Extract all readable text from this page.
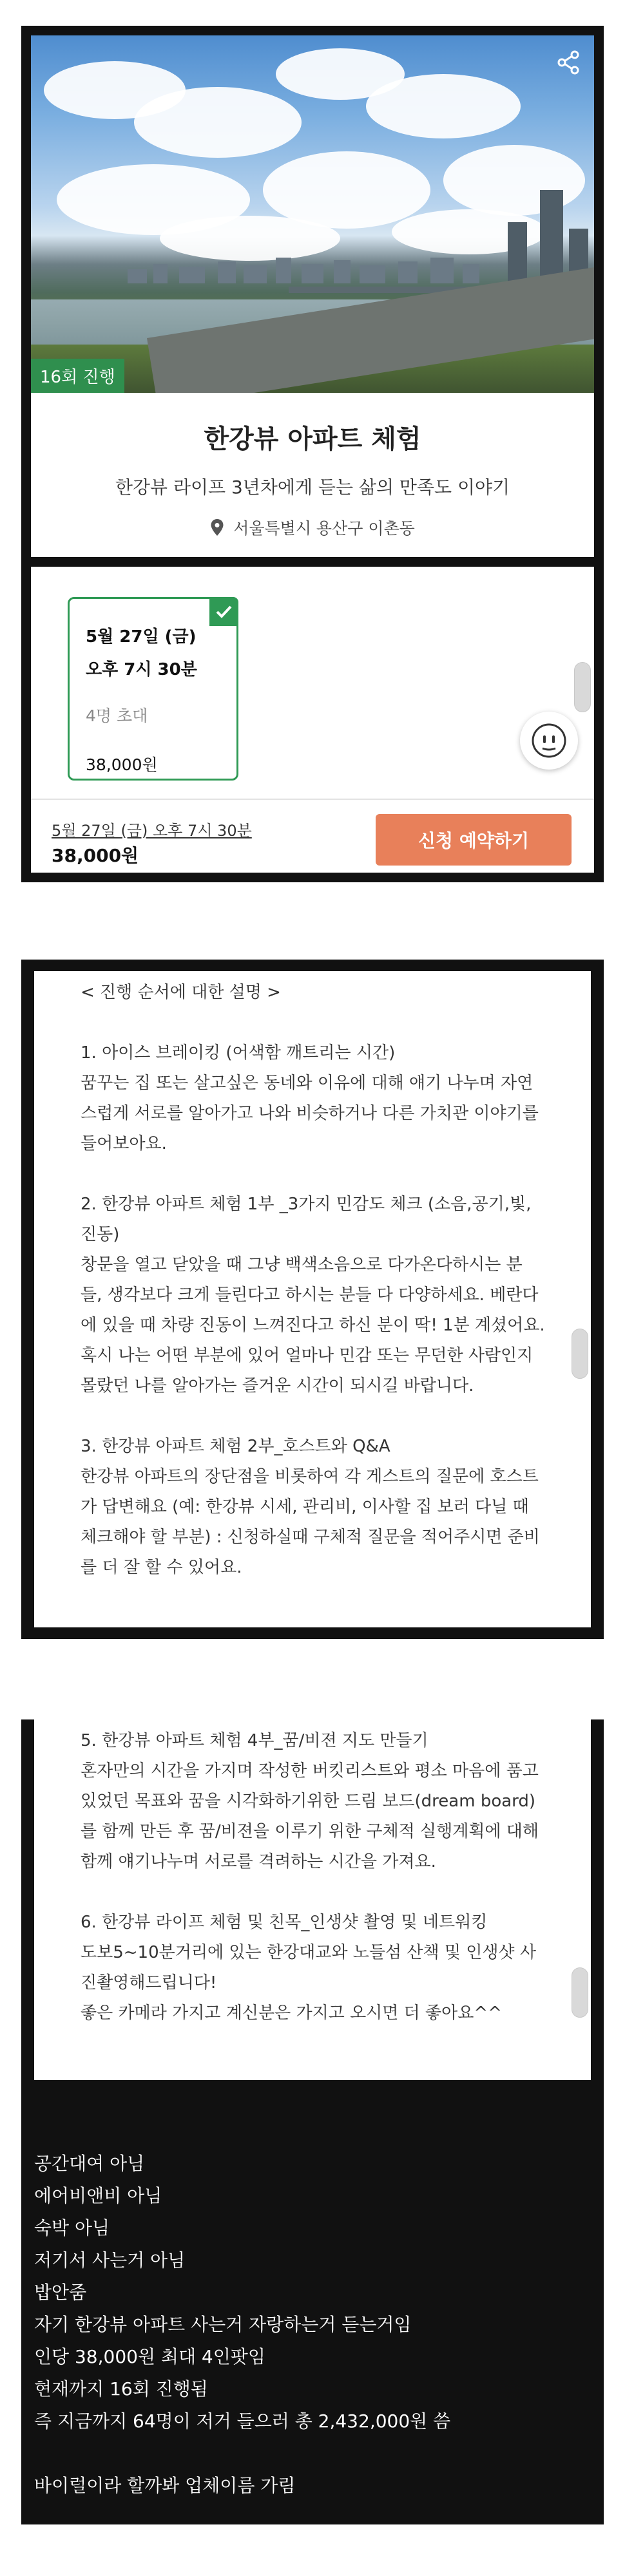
16회 진행
한강뷰 아파트 체험
한강뷰 라이프 3년차에게 듣는 삶의 만족도 이야기
서울특별시 용산구 이촌동
5월 27일 (금)
오후 7시 30분
4명 초대
38,000원
5월 27일 (금) 오후 7시 30분
38,000원
신청 예약하기
< 진행 순서에 대한 설명 >

1. 아이스 브레이킹 (어색함 깨트리는 시간)
꿈꾸는 집 또는 살고싶은 동네와 이유에 대해 얘기 나누며 자연
스럽게 서로를 알아가고 나와 비슷하거나 다른 가치관 이야기를
들어보아요.

2. 한강뷰 아파트 체험 1부 _3가지 민감도 체크 (소음,공기,빛,
진동)
창문을 열고 닫았을 때 그냥 백색소음으로 다가온다하시는 분
들, 생각보다 크게 들린다고 하시는 분들 다 다양하세요. 베란다
에 있을 때 차량 진동이 느껴진다고 하신 분이 딱! 1분 계셨어요.
혹시 나는 어떤 부분에 있어 얼마나 민감 또는 무던한 사람인지
몰랐던 나를 알아가는 즐거운 시간이 되시길 바랍니다.

3. 한강뷰 아파트 체험 2부_호스트와 Q&A
한강뷰 아파트의 장단점을 비롯하여 각 게스트의 질문에 호스트
가 답변해요 (예: 한강뷰 시세, 관리비, 이사할 집 보러 다닐 때
체크해야 할 부분) : 신청하실때 구체적 질문을 적어주시면 준비
를 더 잘 할 수 있어요.
5. 한강뷰 아파트 체험 4부_꿈/비젼 지도 만들기
혼자만의 시간을 가지며 작성한 버킷리스트와 평소 마음에 품고
있었던 목표와 꿈을 시각화하기위한 드림 보드(dream board)
를 함께 만든 후 꿈/비젼을 이루기 위한 구체적 실행계획에 대해
함께 얘기나누며 서로를 격려하는 시간을 가져요.

6. 한강뷰 라이프 체험 및 친목_인생샷 촬영 및 네트워킹
도보5~10분거리에 있는 한강대교와 노들섬 산책 및 인생샷 사
진촬영해드립니다!
좋은 카메라 가지고 계신분은 가지고 오시면 더 좋아요^^
공간대여 아님
에어비앤비 아님
숙박 아님
저기서 사는거 아님
밥안줌
자기 한강뷰 아파트 사는거 자랑하는거 듣는거임
인당 38,000원 최대 4인팟임
현재까지 16회 진행됨
즉 지금까지 64명이 저거 들으러 총 2,432,000원 씀

바이럴이라 할까봐 업체이름 가림
